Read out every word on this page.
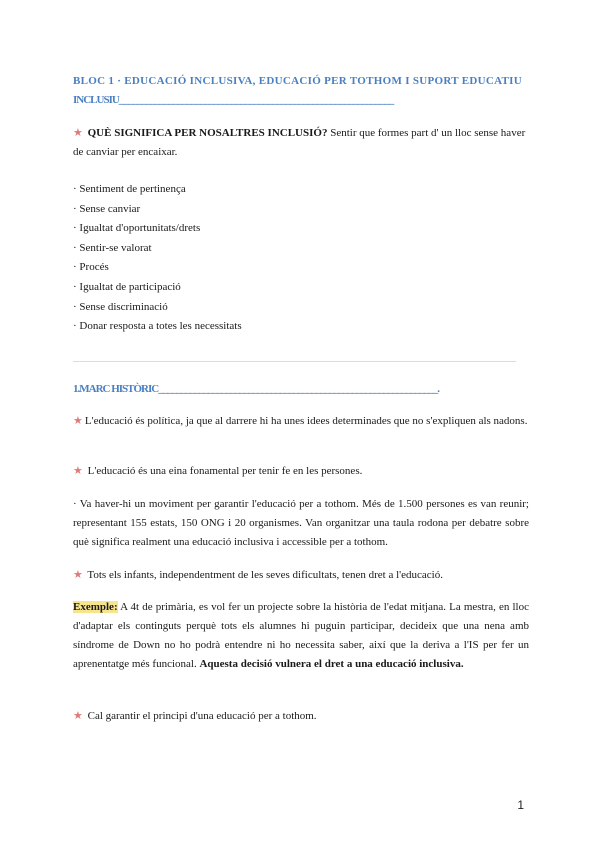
BLOC 1 · EDUCACIÓ INCLUSIVA, EDUCACIÓ PER TOTHOM I SUPORT EDUCATIU
INCLUSIU_____________________________________________________________
★ QUÈ SIGNIFICA PER NOSALTRES INCLUSIÓ? Sentir que formes part d' un lloc sense haver de canviar per encaixar.
· Sentiment de pertinença
· Sense canviar
· Igualtat d'oportunitats/drets
· Sentir-se valorat
· Procés
· Igualtat de participació
· Sense discriminació
· Donar resposta a totes les necessitats
1.MARC HISTÒRIC______________________________________________________________.
★ L'educació és política, ja que al darrere hi ha unes idees determinades que no s'expliquen als nadons.
★ L'educació és una eina fonamental per tenir fe en les persones.
· Va haver-hi un moviment per garantir l'educació per a tothom. Més de 1.500 persones es van reunir; representant 155 estats, 150 ONG i 20 organismes. Van organitzar una taula rodona per debatre sobre què significa realment una educació inclusiva i accessible per a tothom.
★ Tots els infants, independentment de les seves dificultats, tenen dret a l'educació.
Exemple: A 4t de primària, es vol fer un projecte sobre la història de l'edat mitjana. La mestra, en lloc d'adaptar els continguts perquè tots els alumnes hi puguin participar, decideix que una nena amb síndrome de Down no ho podrà entendre ni ho necessita saber, així que la deriva a l'IS per fer un aprenentatge més funcional. Aquesta decisió vulnera el dret a una educació inclusiva.
★ Cal garantir el principi d'una educació per a tothom.
1
